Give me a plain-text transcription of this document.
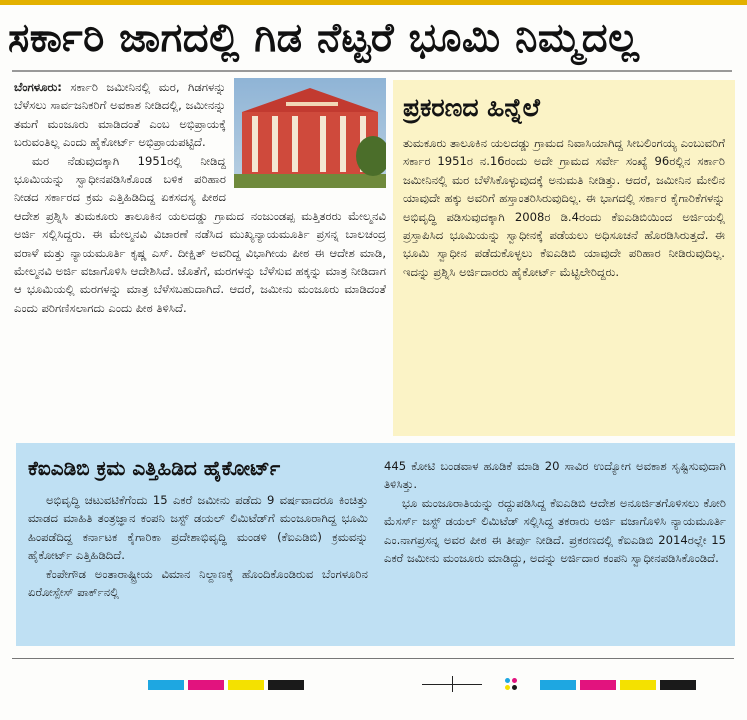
ಸರ್ಕಾರಿ ಜಾಗದಲ್ಲಿ ಗಿಡ ನೆಟ್ಟರೆ ಭೂಮಿ ನಿಮ್ಮದಲ್ಲ

ಬೆಂಗಳೂರು: ಸರ್ಕಾರಿ ಜಮೀನಿನಲ್ಲಿ ಮರ, ಗಿಡಗಳನ್ನು ಬೆಳೆಸಲು ಸಾರ್ವಜನಿಕರಿಗೆ ಅವಕಾಶ ನೀಡಿದಲ್ಲಿ, ಜಮೀನನ್ನು ತಮಗೆ ಮಂಜೂರು ಮಾಡಿದಂತೆ ಎಂಬ ಅಭಿಪ್ರಾಯಕ್ಕೆ ಬರುವಂತಿಲ್ಲ ಎಂದು ಹೈಕೋರ್ಟ್ ಅಭಿಪ್ರಾಯಪಟ್ಟಿದೆ.

ಮರ ನೆಡುವುದಕ್ಕಾಗಿ 1951ರಲ್ಲಿ ನೀಡಿದ್ದ ಭೂಮಿಯನ್ನು ಸ್ವಾಧೀನಪಡಿಸಿಕೊಂಡ ಬಳಿಕ ಪರಿಹಾರ ನೀಡದ ಸರ್ಕಾರದ ಕ್ರಮ ಎತ್ತಿಹಿಡಿದಿದ್ದ ಏಕಸದಸ್ಯ ಪೀಠದ ಆದೇಶ ಪ್ರಶ್ನಿಸಿ ತುಮಕೂರು ತಾಲೂಕಿನ ಯಲದಡ್ಡು ಗ್ರಾಮದ ನಂಜುಂಡಪ್ಪ ಮತ್ತಿತರರು ಮೇಲ್ಮನವಿ ಅರ್ಜಿ ಸಲ್ಲಿಸಿದ್ದರು. ಈ ಮೇಲ್ಮನವಿ ವಿಚಾರಣೆ ನಡೆಸಿದ ಮುಖ್ಯನ್ಯಾಯಮೂರ್ತಿ ಪ್ರಸನ್ನ ಬಾಲಚಂದ್ರ ವರಾಳೆ ಮತ್ತು ನ್ಯಾಯಮೂರ್ತಿ ಕೃಷ್ಣ ಎಸ್. ದೀಕ್ಷಿತ್ ಅವರಿದ್ದ ವಿಭಾಗೀಯ ಪೀಠ ಈ ಆದೇಶ ಮಾಡಿ, ಮೇಲ್ಮನವಿ ಅರ್ಜಿ ವಜಾಗೊಳಿಸಿ ಆದೇಶಿಸಿದೆ. ಜೊತೆಗೆ, ಮರಗಳನ್ನು ಬೆಳೆಸುವ ಹಕ್ಕನ್ನು ಮಾತ್ರ ನೀಡಿದಾಗ ಆ ಭೂಮಿಯಲ್ಲಿ ಮರಗಳನ್ನು ಮಾತ್ರ ಬೆಳೆಸಬಹುದಾಗಿದೆ. ಆದರೆ, ಜಮೀನು ಮಂಜೂರು ಮಾಡಿದಂತೆ ಎಂದು ಪರಿಗಣಿಸಲಾಗದು ಎಂದು ಪೀಠ ತಿಳಿಸಿದೆ.

ಪ್ರಕರಣದ ಹಿನ್ನೆಲೆ
ತುಮಕೂರು ತಾಲೂಕಿನ ಯಲದಡ್ಡು ಗ್ರಾಮದ ನಿವಾಸಿಯಾಗಿದ್ದ ಸೀಬಲಿಂಗಯ್ಯ ಎಂಬುವರಿಗೆ ಸರ್ಕಾರ 1951ರ ನ.16ರಂದು ಅದೇ ಗ್ರಾಮದ ಸರ್ವೇ ಸಂಖ್ಯೆ 96ರಲ್ಲಿನ ಸರ್ಕಾರಿ ಜಮೀನಿನಲ್ಲಿ ಮರ ಬೆಳೆಸಿಕೊಳ್ಳುವುದಕ್ಕೆ ಅನುಮತಿ ನೀಡಿತ್ತು. ಆದರೆ, ಜಮೀನಿನ ಮೇಲಿನ ಯಾವುದೇ ಹಕ್ಕು ಅವರಿಗೆ ಹಸ್ತಾಂತರಿಸಿರುವುದಿಲ್ಲ. ಈ ಭಾಗದಲ್ಲಿ ಸರ್ಕಾರ ಕೈಗಾರಿಕೆಗಳನ್ನು ಅಭಿವೃದ್ಧಿ ಪಡಿಸುವುದಕ್ಕಾಗಿ 2008ರ ಡಿ.4ರಂದು ಕೆಐಎಡಿಬಿಯಿಂದ ಅರ್ಜಿಯಲ್ಲಿ ಪ್ರಸ್ತಾಪಿಸಿದ ಭೂಮಿಯನ್ನು ಸ್ವಾಧೀನಕ್ಕೆ ಪಡೆಯಲು ಅಧಿಸೂಚನೆ ಹೊರಡಿಸಿರುತ್ತದೆ. ಈ ಭೂಮಿ ಸ್ವಾಧೀನ ಪಡೆದುಕೊಳ್ಳಲು ಕೆಐಎಡಿಬಿ ಯಾವುದೇ ಪರಿಹಾರ ನೀಡಿರುವುದಿಲ್ಲ. ಇದನ್ನು ಪ್ರಶ್ನಿಸಿ ಅರ್ಜಿದಾರರು ಹೈಕೋರ್ಟ್ ಮೆಟ್ಟಿಲೇರಿದ್ದರು.
ಕೆಐಎಡಿಬಿ ಕ್ರಮ ಎತ್ತಿಹಿಡಿದ ಹೈಕೋರ್ಟ್
ಅಭಿವೃದ್ಧಿ ಚಟುವಟಿಕೆಗೆಂದು 15 ಎಕರೆ ಜಮೀನು ಪಡೆದು 9 ವರ್ಷವಾದರೂ ಕಿಂಚಿತ್ತು ಮಾಡದ ಮಾಹಿತಿ ತಂತ್ರಜ್ಞಾನ ಕಂಪನಿ ಜಸ್ಟ್ ಡಯಲ್ ಲಿಮಿಟೆಡ್‌ಗೆ ಮಂಜೂರಾಗಿದ್ದ ಭೂಮಿ ಹಿಂಪಡೆದಿದ್ದ ಕರ್ನಾಟಕ ಕೈಗಾರಿಕಾ ಪ್ರದೇಶಾಭಿವೃದ್ಧಿ ಮಂಡಳಿ (ಕೆಐಎಡಿಬಿ) ಕ್ರಮವನ್ನು ಹೈಕೋರ್ಟ್ ಎತ್ತಿಹಿಡಿದಿದೆ.
ಕೆಂಪೇಗೌಡ ಅಂತಾರಾಷ್ಟ್ರೀಯ ವಿಮಾನ ನಿಲ್ದಾಣಕ್ಕೆ ಹೊಂದಿಕೊಂಡಿರುವ ಬೆಂಗಳೂರಿನ ಏರೋಸ್ಪೇಸ್ ಪಾರ್ಕ್‌ನಲ್ಲಿ
445 ಕೋಟಿ ಬಂಡವಾಳ ಹೂಡಿಕೆ ಮಾಡಿ 20 ಸಾವಿರ ಉದ್ಯೋಗ ಅವಕಾಶ ಸೃಷ್ಟಿಸುವುದಾಗಿ ತಿಳಿಸಿತ್ತು.
ಭೂ ಮಂಜೂರಾತಿಯನ್ನು ರದ್ದುಪಡಿಸಿದ್ದ ಕೆಐಎಡಿಬಿ ಆದೇಶ ಅನೂರ್ಜಿತಗೊಳಿಸಲು ಕೋರಿ ಮೆಸರ್ಸ್ ಜಸ್ಟ್ ಡಯಲ್ ಲಿಮಿಟೆಡ್ ಸಲ್ಲಿಸಿದ್ದ ತಕರಾರು ಅರ್ಜಿ ವಜಾಗೊಳಿಸಿ ನ್ಯಾಯಮೂರ್ತಿ ಎಂ.ನಾಗಪ್ರಸನ್ನ ಅವರ ಪೀಠ ಈ ತೀರ್ಪು ನೀಡಿದೆ. ಪ್ರಕರಣದಲ್ಲಿ ಕೆಐಎಡಿಬಿ 2014ರಲ್ಲೇ 15 ಎಕರೆ ಜಮೀನು ಮಂಜೂರು ಮಾಡಿದ್ದು, ಅದನ್ನು ಅರ್ಜಿದಾರ ಕಂಪನಿ ಸ್ವಾಧೀನಪಡಿಸಿಕೊಂಡಿದೆ.
